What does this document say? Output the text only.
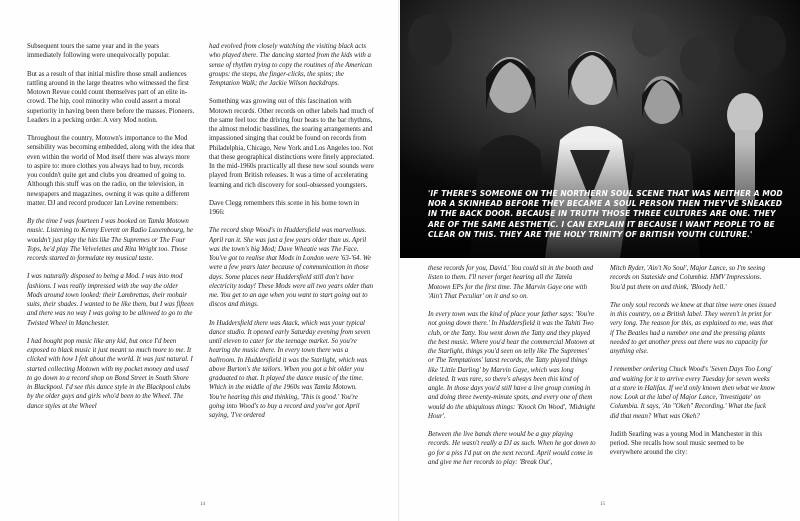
Subsequent tours the same year and in the years immediately following were unequivocally popular.

But as a result of that initial misfire those small audiences rattling around in the large theatres who witnessed the first Motown Revue could count themselves part of an elite in-crowd. The hip, cool minority who could assert a moral superiority in having been there before the masses. Pioneers. Leaders in a pecking order. A very Mod notion.

Throughout the country, Motown's importance to the Mod sensibility was becoming embedded, along with the idea that even within the world of Mod itself there was always more to aspire to: more clothes you always had to buy, records you couldn't quite get and clubs you dreamed of going to. Although this stuff was on the radio, on the television, in newspapers and magazines, owning it was quite a different matter. DJ and record producer Ian Levine remembers:

By the time I was fourteen I was booked on Tamla Motown music. Listening to Kenny Everett on Radio Luxembourg, he wouldn't just play the hits like The Supremes or The Four Tops, he'd play The Velvelettes and Rita Wright too. Those records started to formulate my musical taste.

I was naturally disposed to being a Mod. I was into mod fashions. I was really impressed with the way the older Mods around town looked: their Lambrettas, their mohair suits, their shades. I wanted to be like them, but I was fifteen and there was no way I was going to be allowed to go to the Twisted Wheel in Manchester.

I had bought pop music like any kid, but once I'd been exposed to black music it just meant so much more to me. It clicked with how I felt about the world. It was just natural. I started collecting Motown with my pocket money and used to go down to a record shop on Bond Street in South Shore in Blackpool. I'd see this dance style in the Blackpool clubs by the older guys and girls who'd been to the Wheel. The dance styles at the Wheel

had evolved from closely watching the visiting black acts who played there. The dancing started from the kids with a sense of rhythm trying to copy the routines of the American groups: the steps, the finger-clicks, the spins; the Temptation Walk; the Jackie Wilson backdrops.

Something was growing out of this fascination with Motown records. Other records on other labels had much of the same feel too: the driving four beats to the bar rhythms, the almost melodic basslines, the soaring arrangements and impassioned singing that could be found on records from Philadelphia, Chicago, New York and Los Angeles too. Not that these geographical distinctions were finely appreciated. In the mid-1960s practically all these new soul sounds were played from British releases. It was a time of accelerating learning and rich discovery for soul-obsessed youngsters.

Dave Clegg remembers this scene in his home town in 1966:

The record shop Wood's in Huddersfield was marvellous. April ran it. She was just a few years older than us. April was the town's big Mod; Dave Wheatie was The Face. You've got to realise that Mods in London were '63-'64. We were a few years later because of communication in those days. Some places near Huddersfield still don't have electricity today! These Mods were all two years older than me. You get to an age when you want to start going out to discos and things.

In Huddersfield there was Atack, which was your typical dance studio. It opened early Saturday evening from seven until eleven to cater for the teenage market. So you're hearing the music there. In every town there was a ballroom. In Huddersfield it was the Starlight, which was above Burton's the tailors. When you got a bit older you graduated to that. It played the dance music of the time. Which in the middle of the 1960s was Tamla Motown. You're hearing this and thinking, 'This is good.' You're going into Wood's to buy a record and you've got April saying, 'I've ordered

14
'IF THERE'S SOMEONE ON THE NORTHERN SOUL SCENE THAT WAS NEITHER A MOD NOR A SKINHEAD BEFORE THEY BECAME A SOUL PERSON THEN THEY'VE SNEAKED IN THE BACK DOOR. BECAUSE IN TRUTH THOSE THREE CULTURES ARE ONE. THEY ARE OF THE SAME AESTHETIC. I CAN EXPLAIN IT BECAUSE I WANT PEOPLE TO BE CLEAR ON THIS. THEY ARE THE HOLY TRINITY OF BRITISH YOUTH CULTURE.'

these records for you, David.' You could sit in the booth and listen to them. I'll never forget hearing all the Tamla Motown EPs for the first time. The Marvin Gaye one with 'Ain't That Peculiar' on it and so on.

In every town was the kind of place your father says: 'You're not going down there.' In Huddersfield it was the Tahiti Two club, or the Tatty. You went down the Tatty and they played the best music. Where you'd hear the commercial Motown at the Starlight, things you'd seen on telly like The Supremes' or The Temptations' latest records, the Tatty played things like 'Little Darling' by Marvin Gaye, which was long deleted. It was rare, so there's always been this kind of angle. In those days you'd still have a live group coming in and doing three twenty-minute spots, and every one of them would do the ubiquitous things: 'Knock On Wood', 'Midnight Hour'.

Between the live bands there would be a guy playing records. He wasn't really a DJ as such. When he got down to go for a piss I'd put on the next record. April would come in and give me her records to play: 'Break Out',

Mitch Ryder, 'Ain't No Soul', Major Lance, so I'm seeing records on Stateside and Columbia. HMV Impressions. You'd put them on and think, 'Bloody hell.'

The only soul records we knew at that time were ones issued in this country, on a British label. They weren't in print for very long. The reason for this, as explained to me, was that if The Beatles had a number one and the pressing plants needed to get another press out there was no capacity for anything else.

I remember ordering Chuck Wood's 'Seven Days Too Long' and waiting for it to arrive every Tuesday for seven weeks at a store in Halifax. If we'd only known then what we know now. Look at the label of Major Lance, 'Investigate' on Columbia. It says, 'An "Okeh" Recording.' What the fuck did that mean? What was Okeh?

Judith Searling was a young Mod in Manchester in this period. She recalls how soul music seemed to be everywhere around the city:

15
